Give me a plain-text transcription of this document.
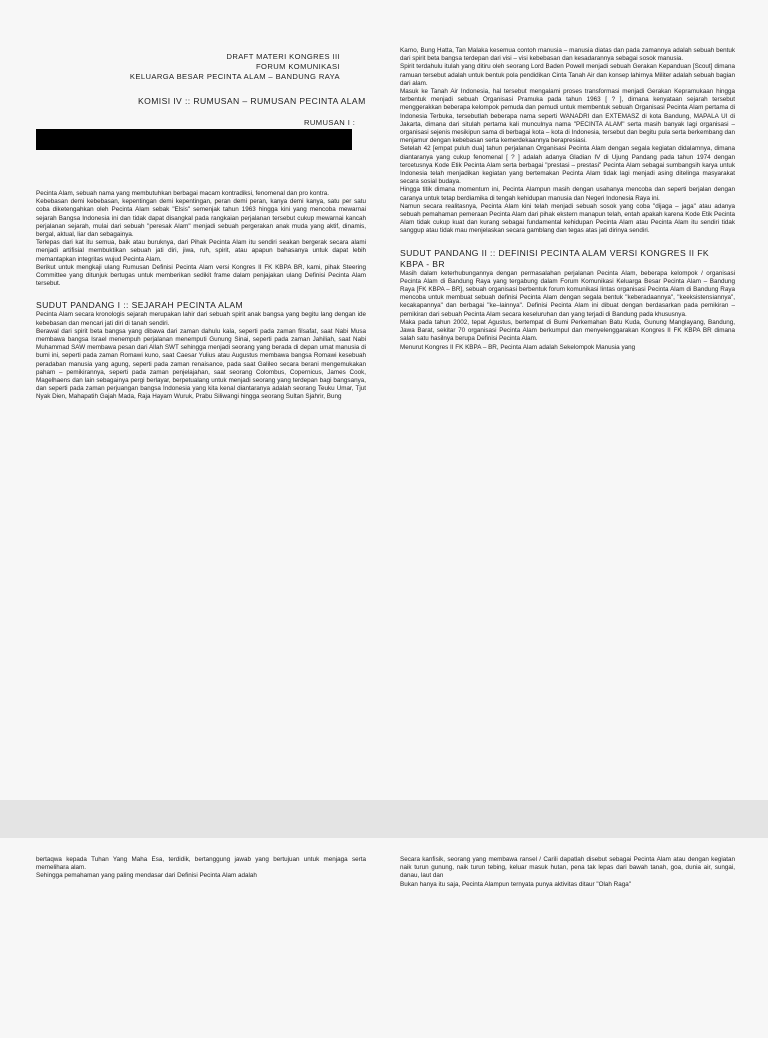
DRAFT MATERI KONGRES III
FORUM KOMUNIKASI
KELUARGA BESAR PECINTA ALAM – BANDUNG RAYA
KOMISI IV :: RUMUSAN – RUMUSAN PECINTA ALAM
RUMUSAN I :
Pecinta Alam, sebuah nama yang membutuhkan berbagai macam kontradiksi, fenomenal dan pro kontra.
Kebebasan demi kebebasan, kepentingan demi kepentingan, peran demi peran, kanya demi kanya, satu per satu coba diketengahkan oleh Pecinta Alam sebak "Elsis" semenjak tahun 1963 hingga kini yang mencoba mewarnai sejarah Bangsa Indonesia ini dan tidak dapat disangkal pada rangkaian perjalanan tersebut cukup mewarnai kancah perjalanan sejarah, mulai dari sebuah "peresak Alam" menjadi sebuah pergerakan anak muda yang aktif, dinamis, bergal, aktual, liar dan sebagainya.
Terlepas dari kat itu semua, baik atau buruknya, dari Pihak Pecinta Alam itu sendiri seakan bergerak secara alami menjadi artifisial membuktikan sebuah jati diri, jiwa, ruh, spirit, atau apapun bahasanya untuk dapat lebih memantapkan integritas wujud Pecinta Alam.
Berikut untuk mengkaji ulang Rumusan Definisi Pecinta Alam versi Kongres II FK KBPA BR, kami, pihak Steering Committee yang ditunjuk bertugas untuk memberikan sedikit frame dalam penjajakan ulang Definisi Pecinta Alam tersebut.
SUDUT PANDANG I :: SEJARAH PECINTA ALAM
Pecinta Alam secara kronologis sejarah merupakan lahir dari sebuah spirit anak bangsa yang begitu lang dengan ide kebebasan dan mencari jati diri di tanah sendiri.
Berawal dari spirit beta bangsa yang dibawa dari zaman dahulu kala, seperti pada zaman filsafat, saat Nabi Musa membawa bangsa Israel menempuh perjalanan menemputi Gunung Sinai, seperti pada zaman Jahiliah, saat Nabi Muhammad SAW membawa pesan dari Allah SWT sehingga menjadi seorang yang berada di depan umat manusia di bumi ini, seperti pada zaman Romawi kuno, saat Caesar Yulius atau Augustus membawa bangsa Romawi kesebuah peradaban manusia yang agung, seperti pada zaman renaisance, pada saat Galileo secara berani mengemukakan paham – pemikirannya, seperti pada zaman penjelajahan, saat seorang Colombus, Copernicus, James Cook, Magelhaens dan lain sebagainya pergi berlayar, berpetualang untuk menjadi seorang yang terdepan bagi bangsanya, dan seperti pada zaman perjuangan bangsa Indonesia yang kita kenal diantaranya adalah seorang Teuku Umar, Tjut Nyak Dien, Mahapatih Gajah Mada, Raja Hayam Wuruk, Prabu Siliwangi hingga seorang Sultan Sjahrir, Bung
Karno, Bung Hatta, Tan Malaka kesemua contoh manusia – manusia diatas dan pada zamannya adalah sebuah bentuk dari spirit beta bangsa terdepan dari visi – visi kebebasan dan kesadarannya sebagai sosok manusia.
Spirit terdahulu itulah yang ditiru oleh seorang Lord Baden Powell menjadi sebuah Gerakan Kepanduan [Scout] dimana ramuan tersebut adalah untuk bentuk pola pendidikan Cinta Tanah Air dan konsep lahirnya Militer adalah sebuah bagian dari alam.
Masuk ke Tanah Air Indonesia, hal tersebut mengalami proses transformasi menjadi Gerakan Kepramukaan hingga terbentuk menjadi sebuah Organisasi Pramuka pada tahun 1963 [ ? ], dimana kenyataan sejarah tersebut menggerakkan beberapa kelompok pemuda dan pemudi untuk membentuk sebuah Organisasi Pecinta Alam pertama di Indonesia Terbuka, tersebutlah beberapa nama seperti WANADRI dan EXTEMASZ di kota Bandung, MAPALA UI di Jakarta, dimana dari situlah pertama kali munculnya nama "PECINTA ALAM" serta masih banyak lagi organisasi – organisasi sejenis mesikipun sama di berbagai kota – kota di Indonesia, tersebut dan begitu pula serta berkembang dan menjamur dengan kebebasan serta kemerdekaannya berapresiasi.
Setelah 42 [empat puluh dua] tahun perjalanan Organisasi Pecinta Alam dengan segala kegiatan didalamnya, dimana diantaranya yang cukup fenomenal [ ? ] adalah adanya Gladian IV di Ujung Pandang pada tahun 1974 dengan tercetusnya Kode Etik Pecinta Alam serta berbagai "prestasi – prestasi" Pecinta Alam sebagai sumbangsih karya untuk Indonesia telah menjadikan kegiatan yang bertemakan Pecinta Alam tidak lagi menjadi asing ditelinga masyarakat secara sosial budaya.
Hingga titik dimana momentum ini, Pecinta Alampun masih dengan usahanya mencoba dan seperti berjalan dengan caranya untuk tetap berdiamika di tengah kehidupan manusia dan Negeri Indonesia Raya ini.
Namun secara realitasnya, Pecinta Alam kini telah menjadi sebuah sosok yang coba "dijaga – jaga" atau adanya sebuah pemahaman pemeraan Pecinta Alam dari pihak ekstern manapun telah, entah apakah karena Kode Etik Pecinta Alam tidak cukup kuat dan kurang sebagai fundamental kehidupan Pecinta Alam atau Pecinta Alam itu sendiri tidak sanggup atau tidak mau menjelaskan secara gamblang dan tegas atas jati dirinya sendiri.
SUDUT PANDANG II :: DEFINISI PECINTA ALAM VERSI KONGRES II FK KBPA - BR
Masih dalam keterhubungannya dengan permasalahan perjalanan Pecinta Alam, beberapa kelompok / organisasi Pecinta Alam di Bandung Raya yang tergabung dalam Forum Komunikasi Keluarga Besar Pecinta Alam – Bandung Raya [FK KBPA – BR], sebuah organisasi berbentuk forum komunikasi lintas organisasi Pecinta Alam di Bandung Raya mencoba untuk membuat sebuah definisi Pecinta Alam dengan segala bentuk "keberadaannya", "keeksistensiannya", kecakapannya" dan berbagai "ke–lainnya". Definisi Pecinta Alam ini dibuat dengan berdasarkan pada pemikiran – pemikiran dari sebuah Pecinta Alam secara keseluruhan dan yang terjadi di Bandung pada khususnya.
Maka pada tahun 2002, tepat Agustus, bertempat di Bumi Perkemahan Batu Kuda, Gunung Manglayang, Bandung, Jawa Barat, sekitar 70 organisasi Pecinta Alam berkumpul dan menyelenggarakan Kongres II FK KBPA BR dimana salah satu hasilnya berupa Definisi Pecinta Alam.
Menurut Kongres II FK KBPA – BR, Pecinta Alam adalah Sekelompok Manusia yang
bertaqwa kepada Tuhan Yang Maha Esa, terdidik, bertanggung jawab yang bertujuan untuk menjaga serta memelihara alam.
Sehingga pemahaman yang paling mendasar dari Definisi Pecinta Alam adalah
Secara kanfisik, seorang yang membawa ransel / Carili dapatlah disebut sebagai Pecinta Alam atau dengan kegiatan naik turun gunung, naik turun tebing, keluar masuk hutan, pena tak lepas dari bawah tanah, goa, dunia air, sungai, danau, laut dan
Bukan hanya itu saja, Pecinta Alampun ternyata punya aktivitas ditaur "Olah Raga"
